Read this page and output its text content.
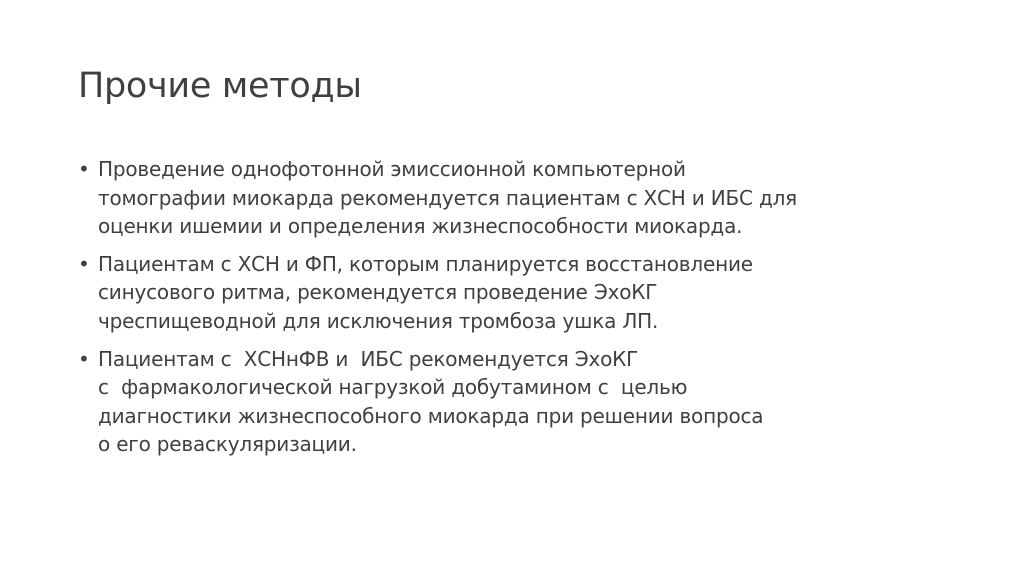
Прочие методы
• Проведение однофотонной эмиссионной компьютерной
томографии миокарда рекомендуется пациентам с ХСН и ИБС для
оценки ишемии и определения жизнеспособности миокарда.
• Пациентам с ХСН и ФП, которым планируется восстановление
синусового ритма, рекомендуется проведение ЭхоКГ
чреспищеводной для исключения тромбоза ушка ЛП.
• Пациентам с  ХСНнФВ и  ИБС рекомендуется ЭхоКГ
с  фармакологической нагрузкой добутамином с  целью
диагностики жизнеспособного миокарда при решении вопроса
о его реваскуляризации.
